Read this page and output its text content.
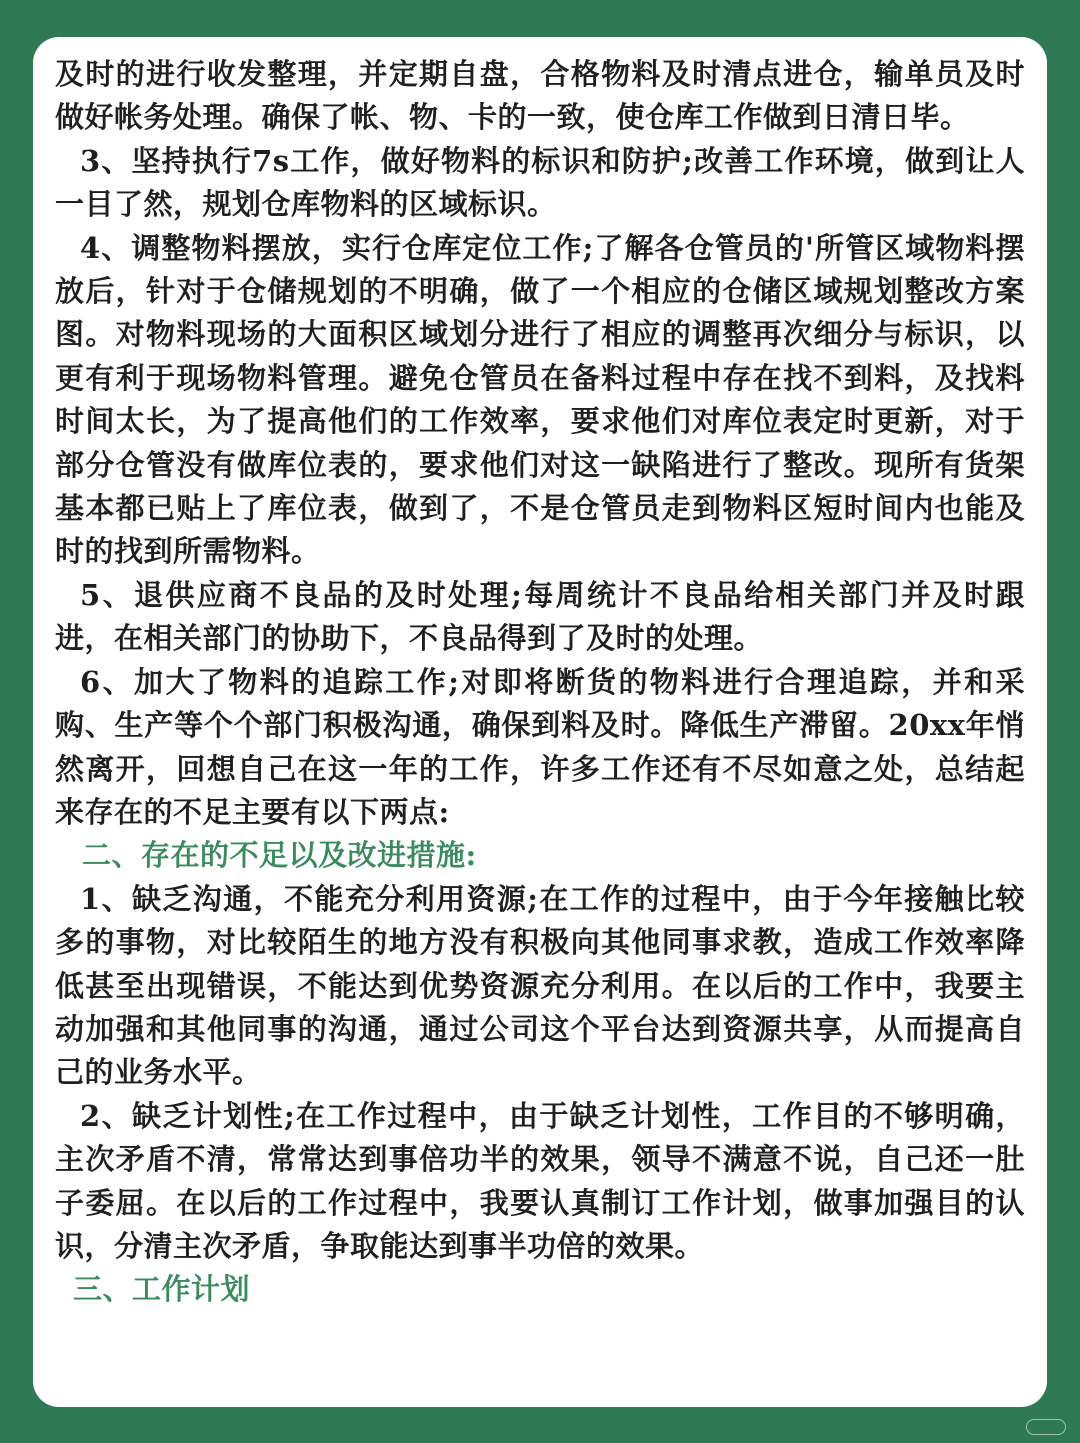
及时的进行收发整理，并定期自盘，合格物料及时清点进仓，输单员及时做好帐务处理。确保了帐、物、卡的一致，使仓库工作做到日清日毕。

3、坚持执行7s工作，做好物料的标识和防护;改善工作环境，做到让人一目了然，规划仓库物料的区域标识。

4、调整物料摆放，实行仓库定位工作;了解各仓管员的'所管区域物料摆放后，针对于仓储规划的不明确，做了一个相应的仓储区域规划整改方案图。对物料现场的大面积区域划分进行了相应的调整再次细分与标识，以更有利于现场物料管理。避免仓管员在备料过程中存在找不到料，及找料时间太长，为了提高他们的工作效率，要求他们对库位表定时更新，对于部分仓管没有做库位表的，要求他们对这一缺陷进行了整改。现所有货架基本都已贴上了库位表，做到了，不是仓管员走到物料区短时间内也能及时的找到所需物料。

5、退供应商不良品的及时处理;每周统计不良品给相关部门并及时跟进，在相关部门的协助下，不良品得到了及时的处理。

6、加大了物料的追踪工作;对即将断货的物料进行合理追踪，并和采购、生产等个个部门积极沟通，确保到料及时。降低生产滞留。20xx年悄然离开，回想自己在这一年的工作，许多工作还有不尽如意之处，总结起来存在的不足主要有以下两点:

二、存在的不足以及改进措施:

1、缺乏沟通，不能充分利用资源;在工作的过程中，由于今年接触比较多的事物，对比较陌生的地方没有积极向其他同事求教，造成工作效率降低甚至出现错误，不能达到优势资源充分利用。在以后的工作中，我要主动加强和其他同事的沟通，通过公司这个平台达到资源共享，从而提高自己的业务水平。

2、缺乏计划性;在工作过程中，由于缺乏计划性，工作目的不够明确，主次矛盾不清，常常达到事倍功半的效果，领导不满意不说，自己还一肚子委屈。在以后的工作过程中，我要认真制订工作计划，做事加强目的认识，分清主次矛盾，争取能达到事半功倍的效果。

三、工作计划
